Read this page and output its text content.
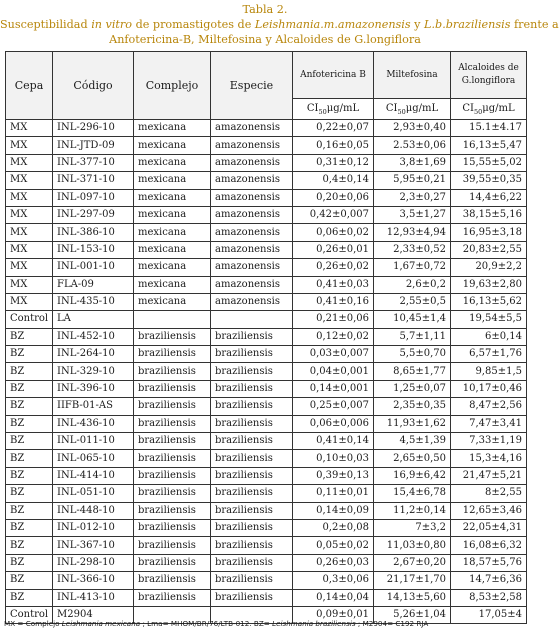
Tabla 2.
Susceptibilidad in vitro de promastigotes de Leishmania.m.amazonensis y L.b.braziliensis frente a
Anfotericina-B, Miltefosina y Alcaloides de G.longiflora
Cepa	Código	Complejo	Especie	Anfotericina B	Miltefosina	Alcaloides de G.longiflora
				$CI_{50}\mu g/mL$	$CI_{50}\mu g/mL$	$CI_{50}\mu g/mL$
MX	INL-296-10	mexicana	amazonensis	0,22±0,07	2,93±0,40	15.1±4.17
MX	INL-JTD-09	mexicana	amazonensis	0,16±0,05	2.53±0,06	16,13±5,47
MX	INL-377-10	mexicana	amazonensis	0,31±0,12	3,8±1,69	15,55±5,02
MX	INL-371-10	mexicana	amazonensis	0,4±0,14	5,95±0,21	39,55±0,35
MX	INL-097-10	mexicana	amazonensis	0,20±0,06	2,3±0,27	14,4±6,22
MX	INL-297-09	mexicana	amazonensis	0,42±0,007	3,5±1,27	38,15±5,16
MX	INL-386-10	mexicana	amazonensis	0,06±0,02	12,93±4,94	16,95±3,18
MX	INL-153-10	mexicana	amazonensis	0,26±0,01	2,33±0,52	20,83±2,55
MX	INL-001-10	mexicana	amazonensis	0,26±0,02	1,67±0,72	20,9±2,2
MX	FLA-09	mexicana	amazonensis	0,41±0,03	2,6±0,2	19,63±2,80
MX	INL-435-10	mexicana	amazonensis	0,41±0,16	2,55±0,5	16,13±5,62
Control	LA			0,21±0,06	10,45±1,4	19,54±5,5
BZ	INL-452-10	braziliensis	braziliensis	0,12±0,02	5,7±1,11	6±0,14
BZ	INL-264-10	braziliensis	braziliensis	0,03±0,007	5,5±0,70	6,57±1,76
BZ	INL-329-10	braziliensis	braziliensis	0,04±0,001	8,65±1,77	9,85±1,5
BZ	INL-396-10	braziliensis	braziliensis	0,14±0,001	1,25±0,07	10,17±0,46
BZ	IIFB-01-AS	braziliensis	braziliensis	0,25±0,007	2,35±0,35	8,47±2,56
BZ	INL-436-10	braziliensis	braziliensis	0,06±0,006	11,93±1,62	7,47±3,41
BZ	INL-011-10	braziliensis	braziliensis	0,41±0,14	4,5±1,39	7,33±1,19
BZ	INL-065-10	braziliensis	braziliensis	0,10±0,03	2,65±0,50	15,3±4,16
BZ	INL-414-10	braziliensis	braziliensis	0,39±0,13	16,9±6,42	21,47±5,21
BZ	INL-051-10	braziliensis	braziliensis	0,11±0,01	15,4±6,78	8±2,55
BZ	INL-448-10	braziliensis	braziliensis	0,14±0,09	11,2±0,14	12,65±3,46
BZ	INL-012-10	braziliensis	braziliensis	0,2±0,08	7±3,2	22,05±4,31
BZ	INL-367-10	braziliensis	braziliensis	0,05±0,02	11,03±0,80	16,08±6,32
BZ	INL-298-10	braziliensis	braziliensis	0,26±0,03	2,67±0,20	18,57±5,76
BZ	INL-366-10	braziliensis	braziliensis	0,3±0,06	21,17±1,70	14,7±6,36
BZ	INL-413-10	braziliensis	braziliensis	0,14±0,04	14,13±5,60	8,53±2,58
Control	M2904			0,09±0,01	5,26±1,04	17,05±4
MX = Complejo Leishmania mexicana ; Lma= MHOM/BR/76/LTB-012. BZ= Leishmania braziliensis ; M2904= C192 RJA
